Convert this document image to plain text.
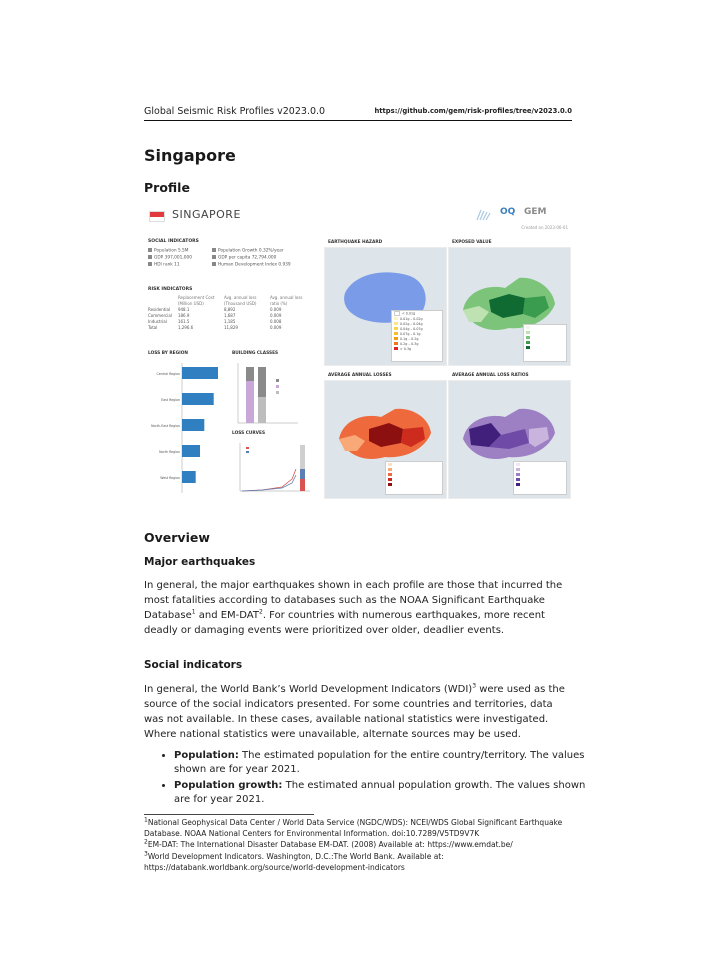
Global Seismic Risk Profiles v2023.0.0	https://github.com/gem/risk-profiles/tree/v2023.0.0
Singapore
Profile
SINGAPORE	OQ GEM
Created on 2023-06-01
SOCIAL INDICATORS
Population 5.5M
GDP 397,001,000
HDI rank 11
Population Growth 0.32%/year
GDP per capita 72,794.000
Human Development Index 0.939
RISK INDICATORS
	Replacement Cost (Million USD)	Avg. annual loss (Thousand USD)	Avg. annual loss ratio (%)
Residential	948.1	8,892	0.009
Commercial	186.9	1,687	0.009
Industrial	161.5	1,185	0.008
Total	1,296.6	11,829	0.009
LOSS BY REGION
Central Region
East Region
North-East Region
North Region
West Region
BUILDING CLASSES
LOSS CURVES
EARTHQUAKE HAZARD
< 0.01g
0.01g – 0.02g
0.02g – 0.04g
0.04g – 0.07g
0.07g – 0.1g
0.1g – 0.2g
0.2g – 0.3g
> 0.3g
EXPOSED VALUE
AVERAGE ANNUAL LOSSES	AVERAGE ANNUAL LOSS RATIOS
Overview
Major earthquakes

In general, the major earthquakes shown in each profile are those that incurred the most fatalities according to databases such as the NOAA Significant Earthquake Database$^1$ and EM-DAT$^2$. For countries with numerous earthquakes, more recent deadly or damaging events were prioritized over older, deadlier events.

Social indicators

In general, the World Bank’s World Development Indicators (WDI)$^3$ were used as the source of the social indicators presented. For some countries and territories, data was not available. In these cases, available national statistics were investigated. Where national statistics were unavailable, alternate sources may be used.

• Population: The estimated population for the entire country/territory. The values shown are for year 2021.
• Population growth: The estimated annual population growth. The values shown are for year 2021.

$^1$National Geophysical Data Center / World Data Service (NGDC/WDS): NCEI/WDS Global Significant Earthquake Database. NOAA National Centers for Environmental Information. doi:10.7289/V5TD9V7K

$^2$EM-DAT: The International Disaster Database EM-DAT. (2008) Available at: https://www.emdat.be/

$^3$World Development Indicators. Washington, D.C.:The World Bank. Available at: https://databank.worldbank.org/source/world-development-indicators
